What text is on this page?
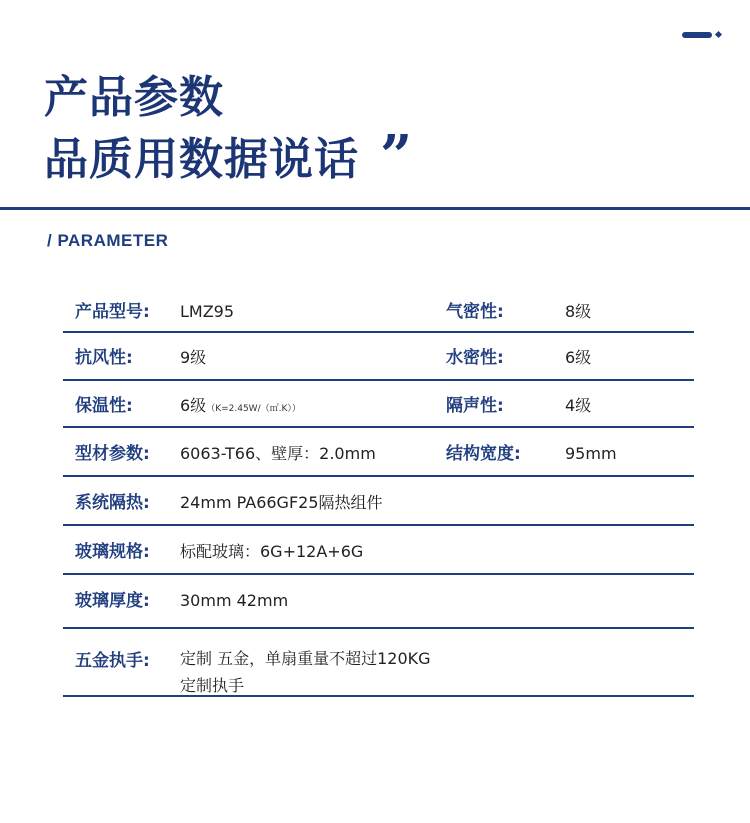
产品参数
品质用数据说话 ”
/ PARAMETER
产品型号: LMZ95	气密性:	8级
抗风性:	9级	水密性:	6级
保温性:	6级（K=2.45W/（㎡.K））	隔声性:	4级
型材参数: 6063-T66、壁厚：2.0mm	结构宽度:	95mm
系统隔热: 24mm PA66GF25隔热组件
玻璃规格: 标配玻璃：6G+12A+6G
玻璃厚度: 30mm 42mm
五金执手: 定制 五金，单扇重量不超过120KG
定制执手
